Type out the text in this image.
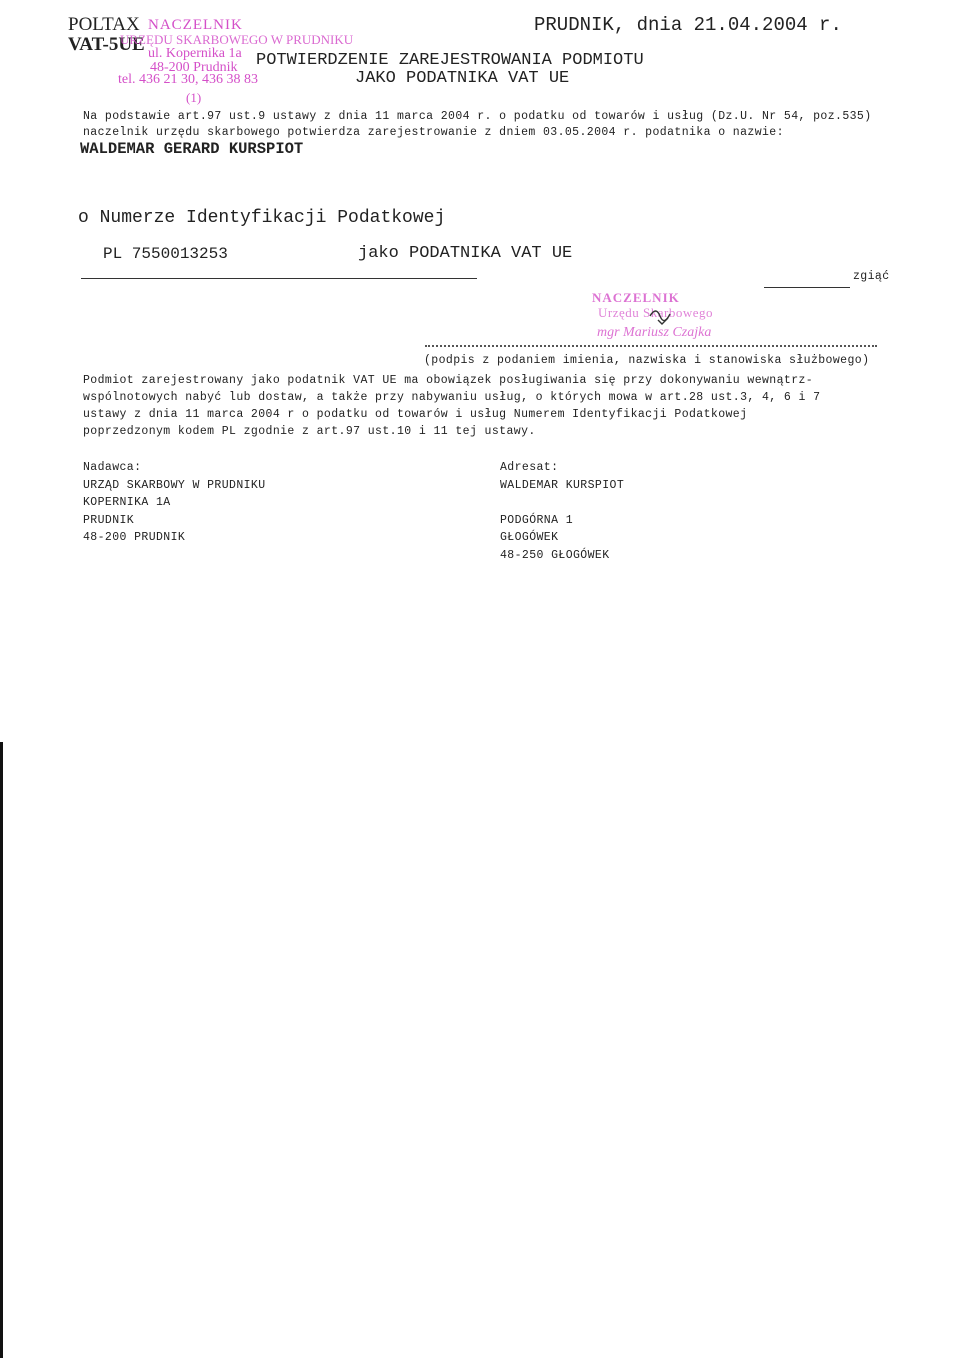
POLTAX
VAT-5UE
NACZELNIK
URZĘDU SKARBOWEGO W PRUDNIKU
ul. Kopernika 1a
48-200 Prudnik
tel. 436 21 30, 436 38 83
(1)
PRUDNIK, dnia 21.04.2004 r.
POTWIERDZENIE ZAREJESTROWANIA PODMIOTU
JAKO PODATNIKA VAT UE
Na podstawie art.97 ust.9 ustawy z dnia 11 marca 2004 r. o podatku od towarów i usług (Dz.U. Nr 54, poz.535)
naczelnik urzędu skarbowego potwierdza zarejestrowanie z dniem 03.05.2004 r. podatnika o nazwie:
WALDEMAR GERARD KURSPIOT
o Numerze Identyfikacji Podatkowej
PL 7550013253	jako PODATNIKA VAT UE
zgiąć
NACZELNIK
Urzędu Skarbowego
mgr Mariusz Czajka
(podpis z podaniem imienia, nazwiska i stanowiska służbowego)
Podmiot zarejestrowany jako podatnik VAT UE ma obowiązek posługiwania się przy dokonywaniu wewnątrz-
wspólnotowych nabyć lub dostaw, a także przy nabywaniu usług, o których mowa w art.28 ust.3, 4, 6 i 7
ustawy z dnia 11 marca 2004 r o podatku od towarów i usług Numerem Identyfikacji Podatkowej
poprzedzonym kodem PL zgodnie z art.97 ust.10 i 11 tej ustawy.
Nadawca:
URZĄD SKARBOWY W PRUDNIKU
KOPERNIKA 1A
PRUDNIK
48-200 PRUDNIK
Adresat:
WALDEMAR KURSPIOT
PODGÓRNA 1
GŁOGÓWEK
48-250 GŁOGÓWEK
